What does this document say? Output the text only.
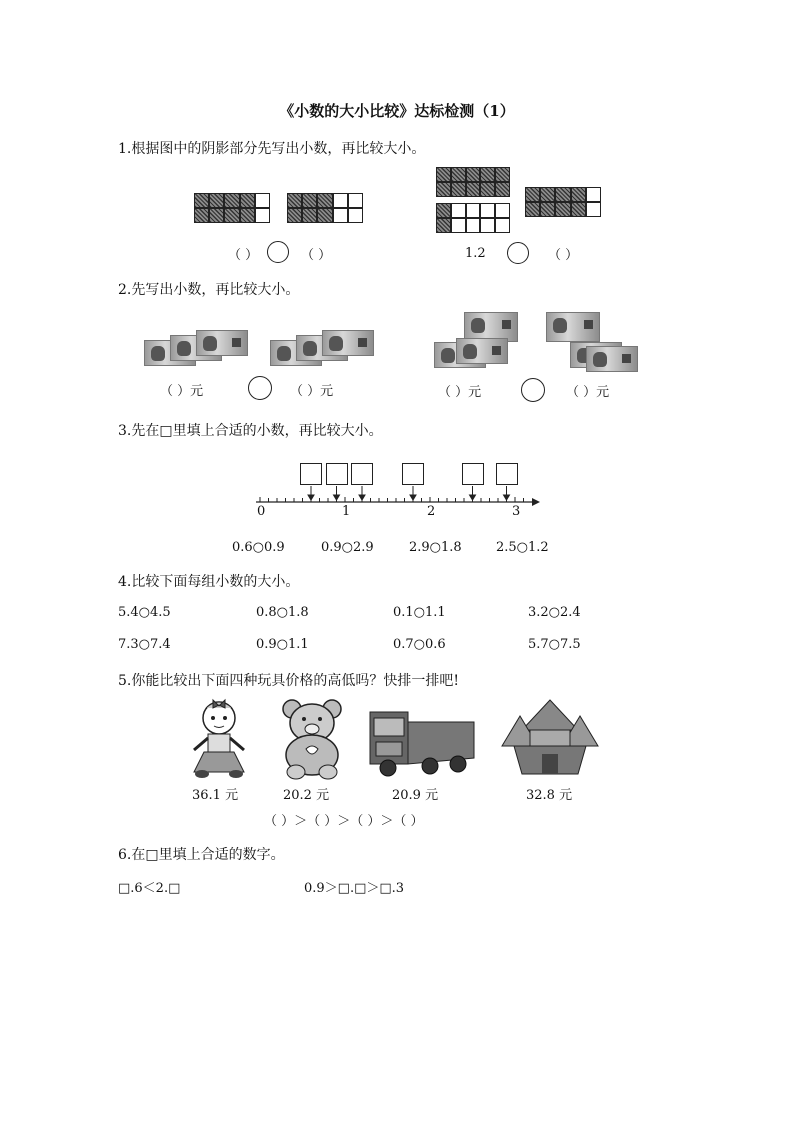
《小数的大小比较》达标检测（1）
1.根据图中的阴影部分先写出小数，再比较大小。
（ ）	（ ）	1.2	（ ）
2.先写出小数，再比较大小。
（ ）元	（ ）元	（ ）元	（ ）元
3.先在□里填上合适的小数，再比较大小。
0	1	2	3
0.6○0.9	0.9○2.9	2.9○1.8	2.5○1.2
4.比较下面每组小数的大小。
5.4○4.5	0.8○1.8	0.1○1.1	3.2○2.4
7.3○7.4	0.9○1.1	0.7○0.6	5.7○7.5
5.你能比较出下面四种玩具价格的高低吗？快排一排吧!
36.1 元	20.2 元	20.9 元	32.8 元
（ ）＞（ ）＞（ ）＞（ ）
6.在□里填上合适的数字。
□.6＜2.□	0.9＞□.□＞□.3
